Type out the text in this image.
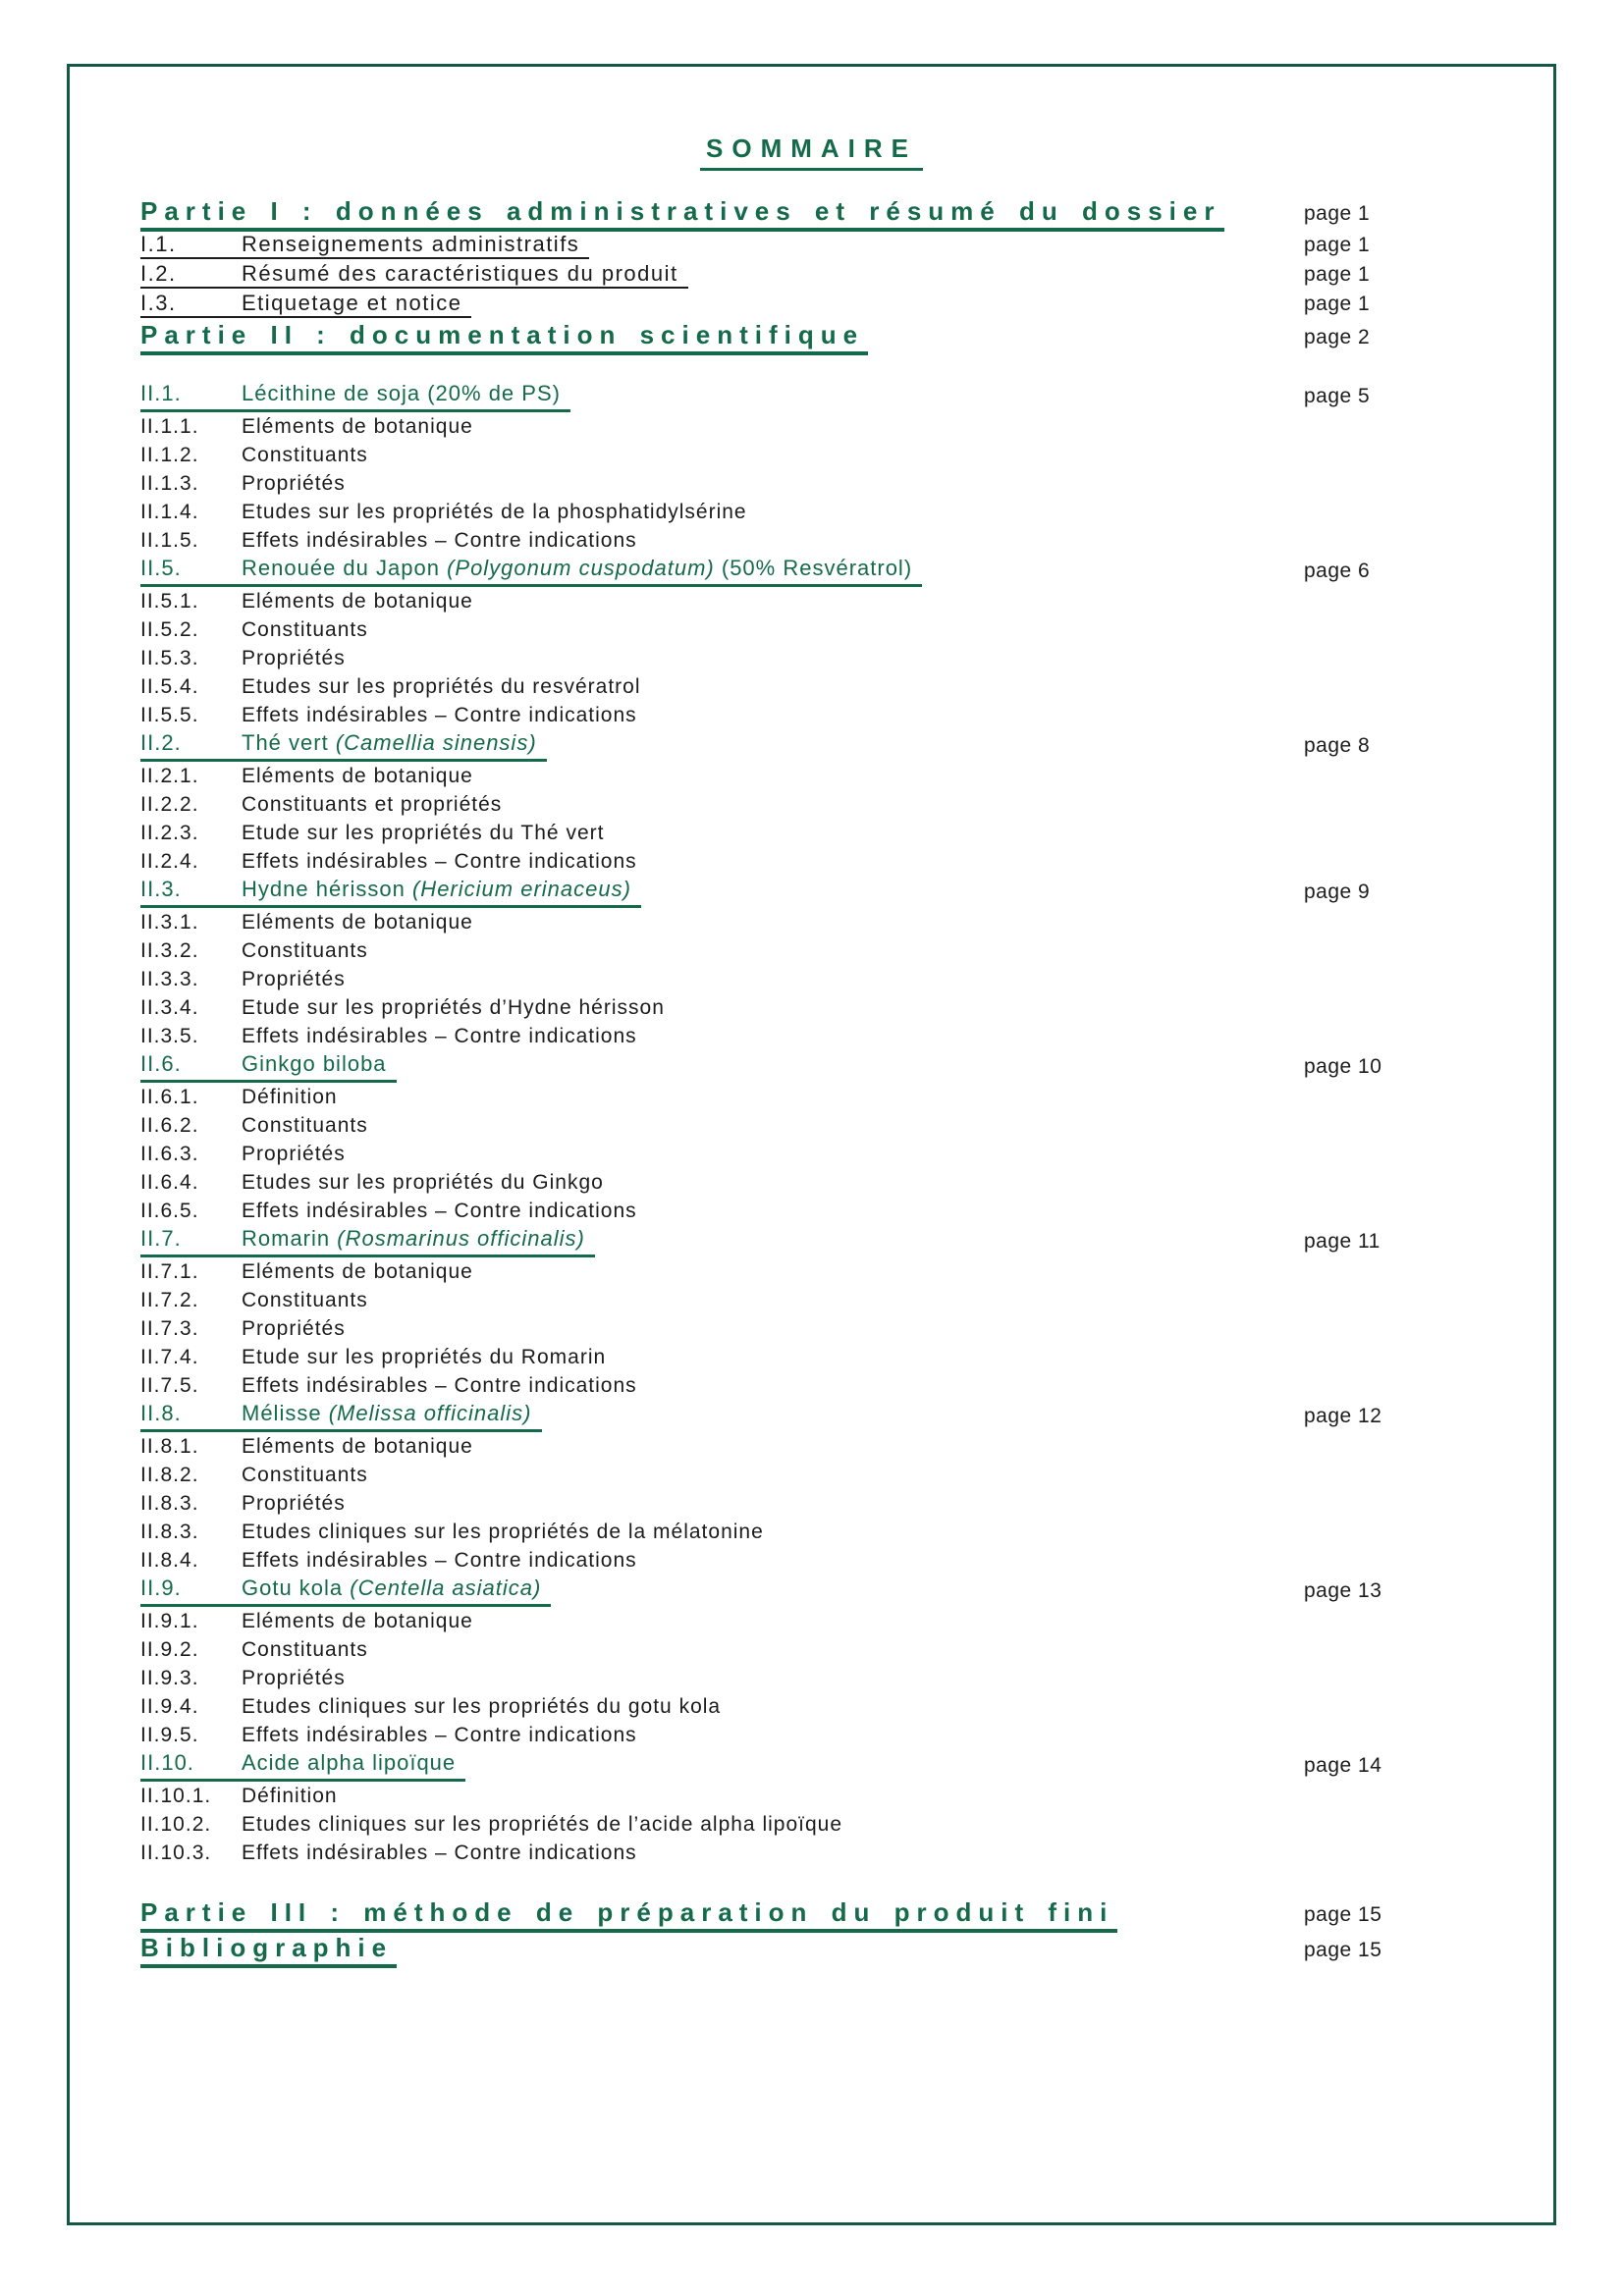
SOMMAIRE
Partie I : données administratives et résumé du dossier	page 1
I.1.	Renseignements administratifs	page 1
I.2.	Résumé des caractéristiques du produit	page 1
I.3.	Etiquetage et notice	page 1
Partie II : documentation scientifique	page 2
II.1.	Lécithine de soja (20% de PS)	page 5
II.1.1. Eléments de botanique
II.1.2. Constituants
II.1.3. Propriétés
II.1.4. Etudes sur les propriétés de la phosphatidylsérine
II.1.5. Effets indésirables – Contre indications
II.5.	Renouée du Japon (Polygonum cuspodatum) (50% Resvératrol)	page 6
II.5.1. Eléments de botanique
II.5.2. Constituants
II.5.3. Propriétés
II.5.4. Etudes sur les propriétés du resvératrol
II.5.5. Effets indésirables – Contre indications
II.2.	Thé vert (Camellia sinensis)	page 8
II.2.1. Eléments de botanique
II.2.2. Constituants et propriétés
II.2.3. Etude sur les propriétés du Thé vert
II.2.4. Effets indésirables – Contre indications
II.3.	Hydne hérisson (Hericium erinaceus)	page 9
II.3.1. Eléments de botanique
II.3.2. Constituants
II.3.3. Propriétés
II.3.4. Etude sur les propriétés d’Hydne hérisson
II.3.5. Effets indésirables – Contre indications
II.6.	Ginkgo biloba	page 10
II.6.1. Définition
II.6.2. Constituants
II.6.3. Propriétés
II.6.4. Etudes sur les propriétés du Ginkgo
II.6.5. Effets indésirables – Contre indications
II.7.	Romarin (Rosmarinus officinalis)	page 11
II.7.1. Eléments de botanique
II.7.2. Constituants
II.7.3. Propriétés
II.7.4. Etude sur les propriétés du Romarin
II.7.5. Effets indésirables – Contre indications
II.8.	Mélisse (Melissa officinalis)	page 12
II.8.1. Eléments de botanique
II.8.2. Constituants
II.8.3. Propriétés
II.8.3. Etudes cliniques sur les propriétés de la mélatonine
II.8.4. Effets indésirables – Contre indications
II.9.	Gotu kola (Centella asiatica)	page 13
II.9.1. Eléments de botanique
II.9.2. Constituants
II.9.3. Propriétés
II.9.4. Etudes cliniques sur les propriétés du gotu kola
II.9.5. Effets indésirables – Contre indications
II.10. Acide alpha lipoïque	page 14
II.10.1. Définition
II.10.2. Etudes cliniques sur les propriétés de l’acide alpha lipoïque
II.10.3. Effets indésirables – Contre indications
Partie III : méthode de préparation du produit fini	page 15
Bibliographie	page 15
